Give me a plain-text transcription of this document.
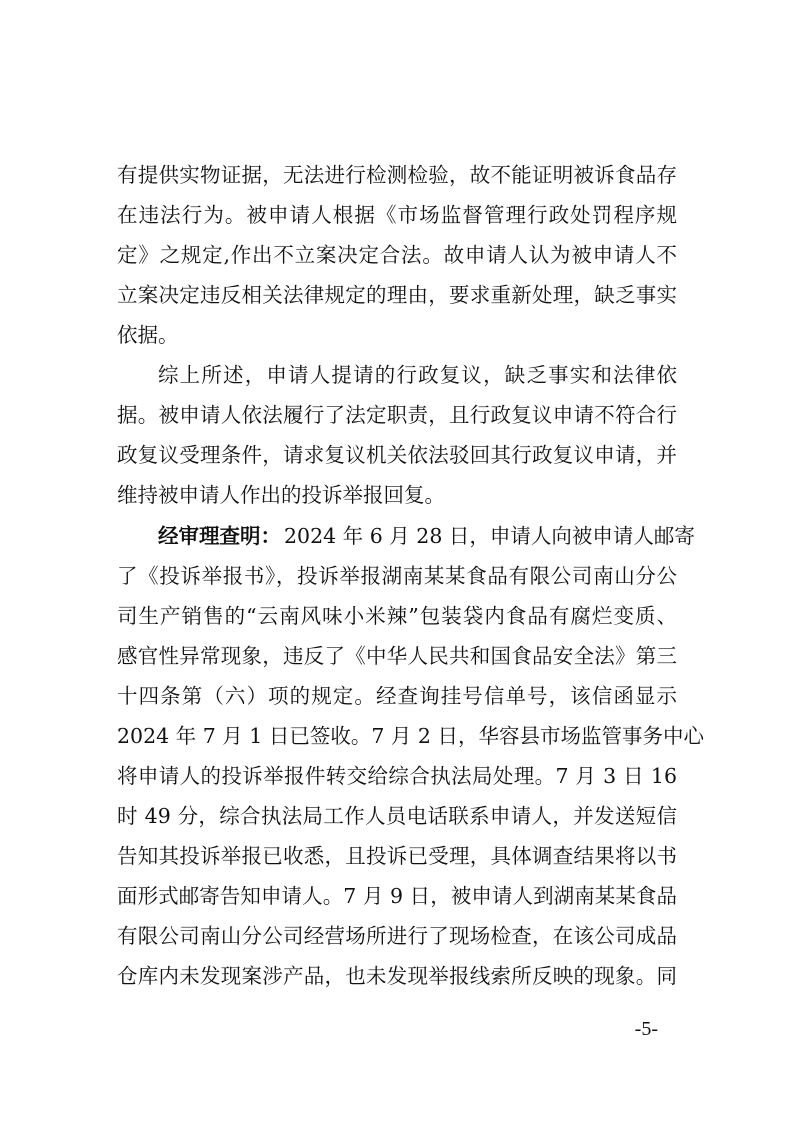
有提供实物证据，无法进行检测检验，故不能证明被诉食品存
在违法行为。被申请人根据《市场监督管理行政处罚程序规
定》之规定,作出不立案决定合法。故申请人认为被申请人不
立案决定违反相关法律规定的理由，要求重新处理，缺乏事实
依据。
综上所述，申请人提请的行政复议，缺乏事实和法律依
据。被申请人依法履行了法定职责，且行政复议申请不符合行
政复议受理条件，请求复议机关依法驳回其行政复议申请，并
维持被申请人作出的投诉举报回复。
经审理查明： 2024 年 6 月 28 日，申请人向被申请人邮寄
了《投诉举报书》，投诉举报湖南某某食品有限公司南山分公
司生产销售的“云南风味小米辣”包装袋内食品有腐烂变质、
感官性异常现象，违反了《中华人民共和国食品安全法》第三
十四条第（六）项的规定。经查询挂号信单号，该信函显示
2024 年 7 月 1 日已签收。7 月 2 日，华容县市场监管事务中心
将申请人的投诉举报件转交给综合执法局处理。7 月 3 日 16
时 49 分，综合执法局工作人员电话联系申请人，并发送短信
告知其投诉举报已收悉，且投诉已受理，具体调查结果将以书
面形式邮寄告知申请人。7 月 9 日，被申请人到湖南某某食品
有限公司南山分公司经营场所进行了现场检查，在该公司成品
仓库内未发现案涉产品，也未发现举报线索所反映的现象。同
-5-
